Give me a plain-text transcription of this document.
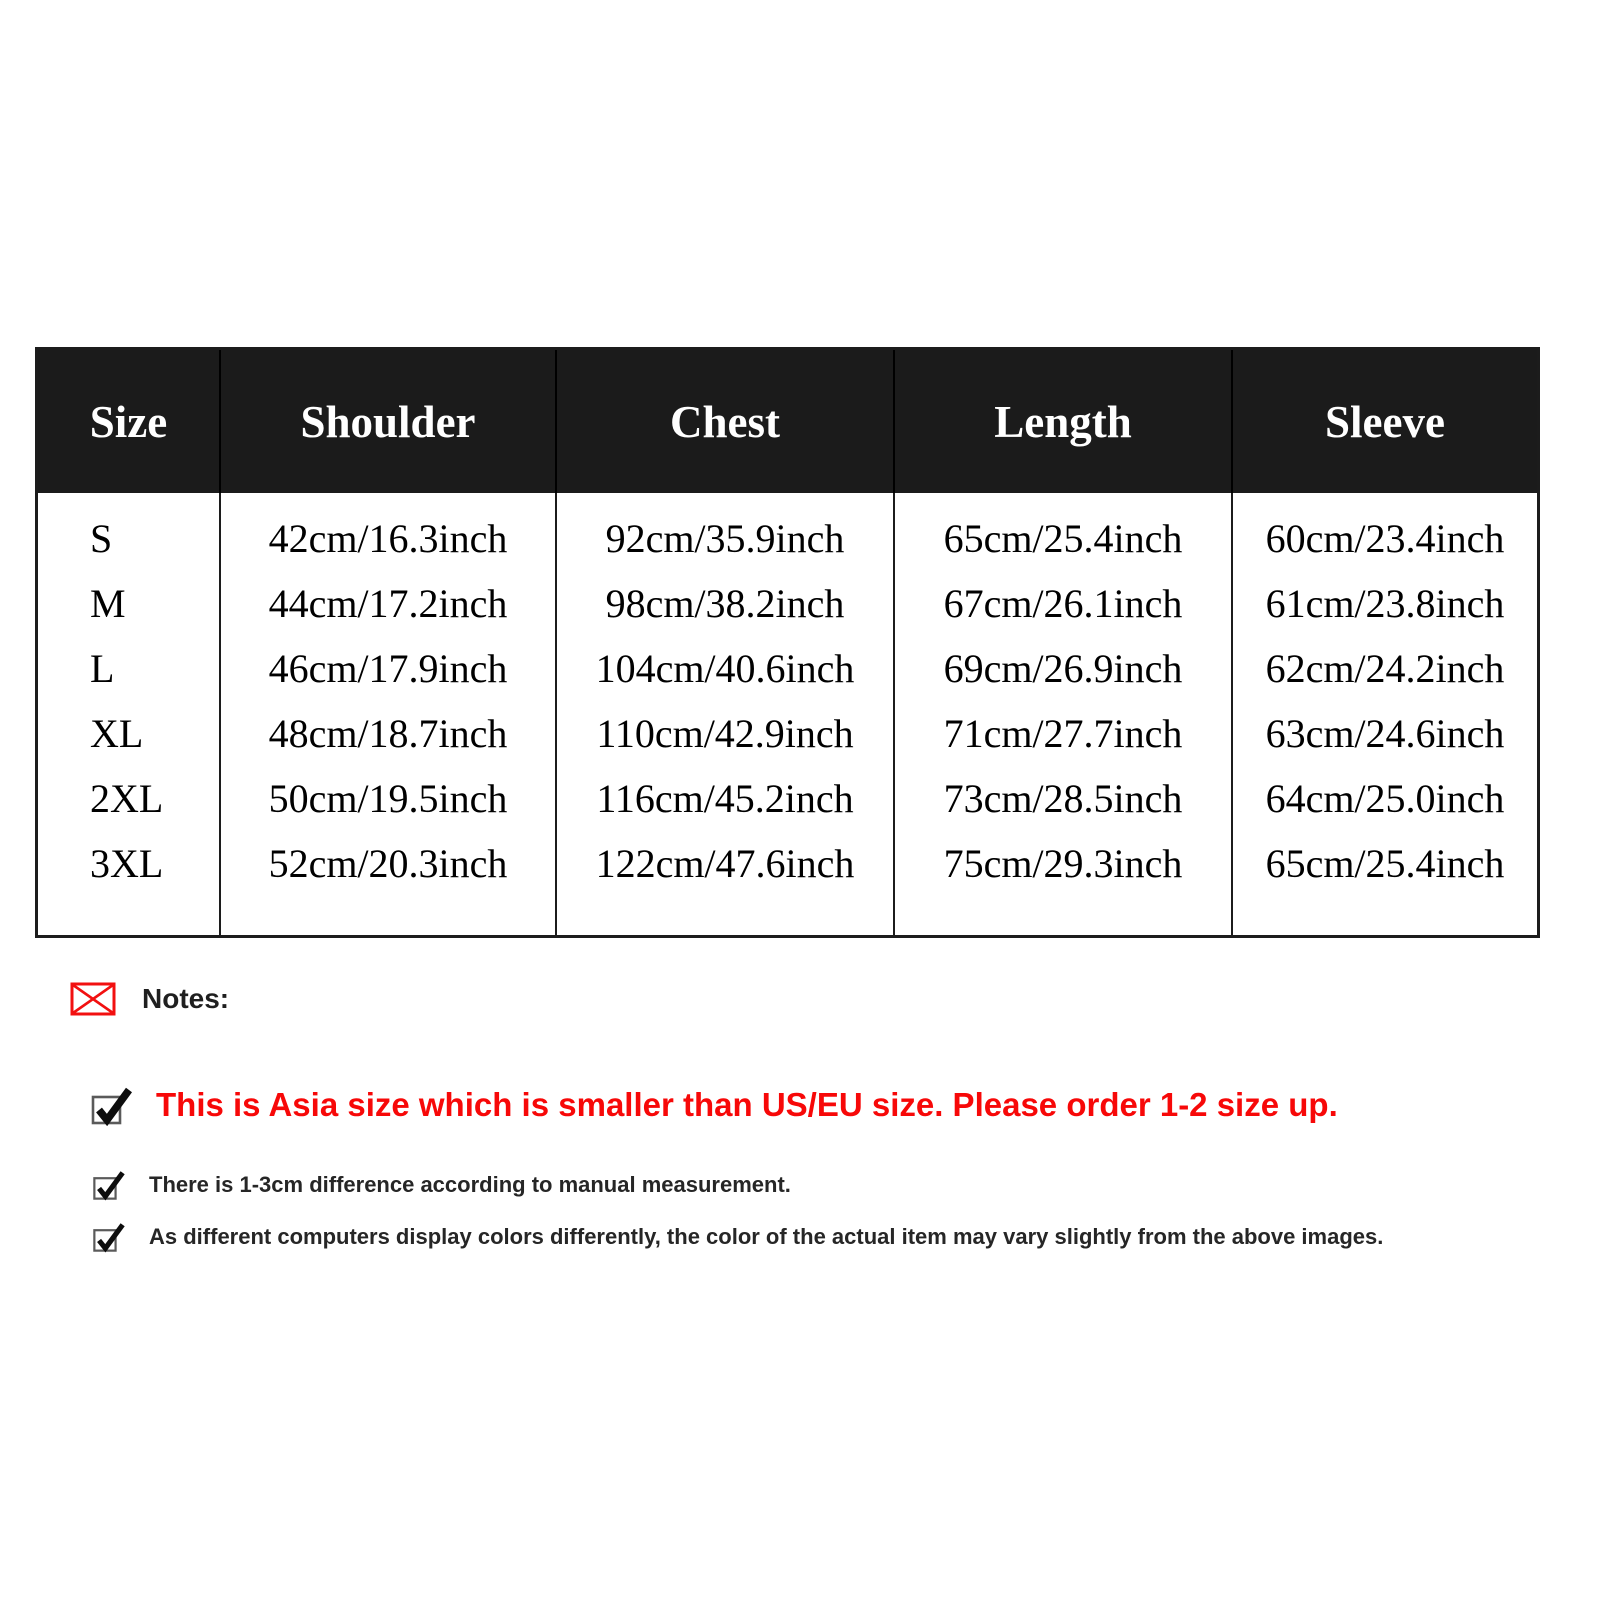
Size	Shoulder	Chest	Length	Sleeve
S	42cm/16.3inch	92cm/35.9inch	65cm/25.4inch	60cm/23.4inch
M	44cm/17.2inch	98cm/38.2inch	67cm/26.1inch	61cm/23.8inch
L	46cm/17.9inch	104cm/40.6inch	69cm/26.9inch	62cm/24.2inch
XL	48cm/18.7inch	110cm/42.9inch	71cm/27.7inch	63cm/24.6inch
2XL	50cm/19.5inch	116cm/45.2inch	73cm/28.5inch	64cm/25.0inch
3XL	52cm/20.3inch	122cm/47.6inch	75cm/29.3inch	65cm/25.4inch
Notes:
This is Asia size which is smaller than US/EU size. Please order 1-2 size up.
There is 1-3cm difference according to manual measurement.
As different computers display colors differently, the color of the actual item may vary slightly from the above images.
